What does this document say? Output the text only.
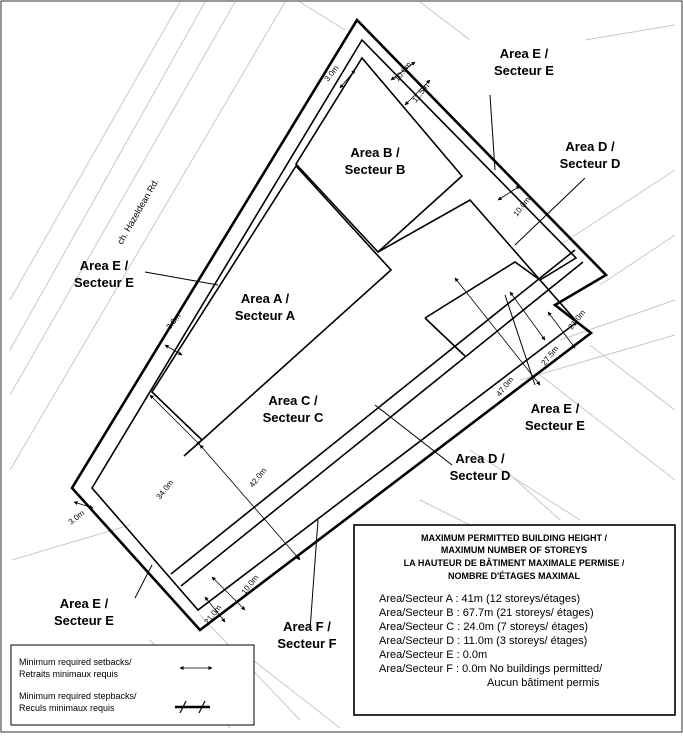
3.0m	10.0m
11.5m
10.0m
3.0m	21.0m
27.5m
47.0m
42.0m
34.0m
3.0m
21.0m
10.0m
ch. Hazeldean Rd.
Area B /
Secteur B
Area A /
Secteur A
Area C /
Secteur C
Area E /
Secteur E
Area D /
Secteur D
Area E /
Secteur E
Area E /
Secteur E
Area D /
Secteur D
Area E /
Secteur E	Area F /
Secteur F
Minimum required setbacks/
Retraits minimaux requis
Minimum required stepbacks/
Reculs minimaux requis
MAXIMUM PERMITTED BUILDING HEIGHT /
MAXIMUM NUMBER OF STOREYS
LA HAUTEUR DE BÂTIMENT MAXIMALE PERMISE /
NOMBRE D'ÉTAGES MAXIMAL
Area/Secteur A : 41m (12 storeys/étages)
Area/Secteur B : 67.7m (21 storeys/ étages)
Area/Secteur C : 24.0m (7 storeys/ étages)
Area/Secteur D : 11.0m (3 storeys/ étages)
Area/Secteur E : 0.0m
Area/Secteur F : 0.0m No buildings permitted/
Aucun bâtiment permis
